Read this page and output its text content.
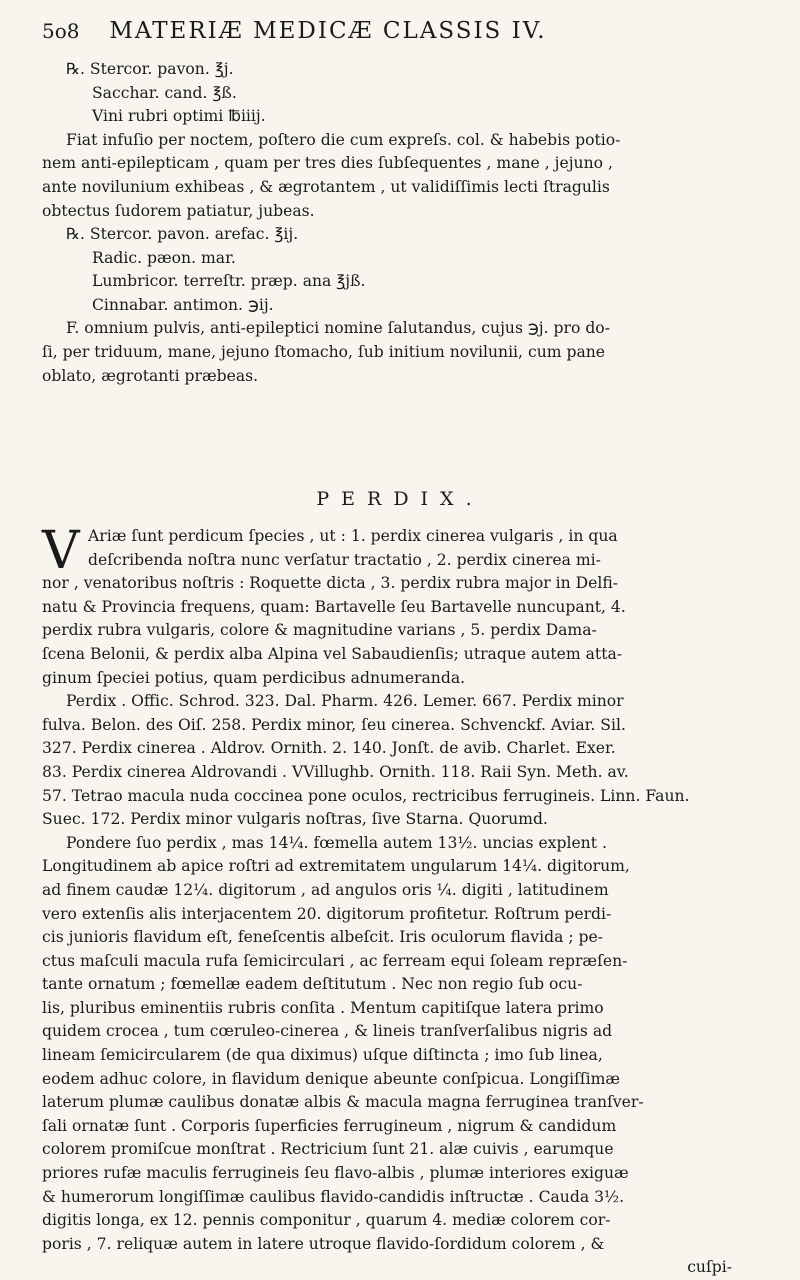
5o8 MATERIÆ MEDICÆ CLASSIS IV.
℞. Stercor. pavon. ℥j.
Sacchar. cand. ℥ß.
Vini rubri optimi ℔iiij.
Fiat infuſio per noctem, poſtero die cum expreſs. col. & habebis potio-
nem anti-epilepticam , quam per tres dies ſubſequentes , mane , jejuno ,
ante novilunium exhibeas , & ægrotantem , ut validiſſimis lecti ſtragulis
obtectus ſudorem patiatur, jubeas.
℞. Stercor. pavon. arefac. ℥ij.
Radic. pæon. mar.
Lumbricor. terreſtr. præp. ana ℥jß.
Cinnabar. antimon. ℈ij.
F. omnium pulvis, anti-epileptici nomine ſalutandus, cujus ℈j. pro do-
ſi, per triduum, mane, jejuno ſtomacho, ſub initium novilunii, cum pane
oblato, ægrotanti præbeas.
PERDIX.
V Ariæ ſunt perdicum ſpecies , ut : 1. perdix cinerea vulgaris , in qua
deſcribenda noſtra nunc verſatur tractatio , 2. perdix cinerea mi-
nor , venatoribus noſtris : Roquette dicta , 3. perdix rubra major in Delfi-
natu & Provincia frequens, quam: Bartavelle ſeu Bartavelle nuncupant, 4.
perdix rubra vulgaris, colore & magnitudine varians , 5. perdix Dama-
ſcena Belonii, & perdix alba Alpina vel Sabaudienſis; utraque autem atta-
ginum ſpeciei potius, quam perdicibus adnumeranda.
Perdix . Offic. Schrod. 323. Dal. Pharm. 426. Lemer. 667. Perdix minor
fulva. Belon. des Oiſ. 258. Perdix minor, ſeu cinerea. Schvenckf. Aviar. Sil.
327. Perdix cinerea . Aldrov. Ornith. 2. 140. Jonſt. de avib. Charlet. Exer.
83. Perdix cinerea Aldrovandi . VVillughb. Ornith. 118. Raii Syn. Meth. av.
57. Tetrao macula nuda coccinea pone oculos, rectricibus ferrugineis. Linn. Faun.
Suec. 172. Perdix minor vulgaris noſtras, ſive Starna. Quorumd.
Pondere ſuo perdix , mas 14¼. fœmella autem 13½. uncias explent .
Longitudinem ab apice roſtri ad extremitatem ungularum 14¼. digitorum,
ad finem caudæ 12¼. digitorum , ad angulos oris ¼. digiti , latitudinem
vero extenſis alis interjacentem 20. digitorum profitetur. Roſtrum perdi-
cis junioris flavidum eſt, feneſcentis albeſcit. Iris oculorum flavida ; pe-
ctus maſculi macula rufa ſemicirculari , ac ferream equi ſoleam repræſen-
tante ornatum ; fœmellæ eadem deſtitutum . Nec non regio ſub ocu-
lis, pluribus eminentiis rubris conſita . Mentum capitiſque latera primo
quidem crocea , tum cœruleo-cinerea , & lineis tranſverſalibus nigris ad
lineam ſemicircularem (de qua diximus) uſque diſtincta ; imo ſub linea,
eodem adhuc colore, in flavidum denique abeunte conſpicua. Longiſſimæ
laterum plumæ caulibus donatæ albis & macula magna ferruginea tranſver-
ſali ornatæ ſunt . Corporis ſuperficies ferrugineum , nigrum & candidum
colorem promiſcue monſtrat . Rectricium ſunt 21. alæ cuivis , earumque
priores rufæ maculis ferrugineis ſeu flavo-albis , plumæ interiores exiguæ
& humerorum longiſſimæ caulibus flavido-candidis inſtructæ . Cauda 3½.
digitis longa, ex 12. pennis componitur , quarum 4. mediæ colorem cor-
poris , 7. reliquæ autem in latere utroque flavido-ſordidum colorem , &
cuſpi-
